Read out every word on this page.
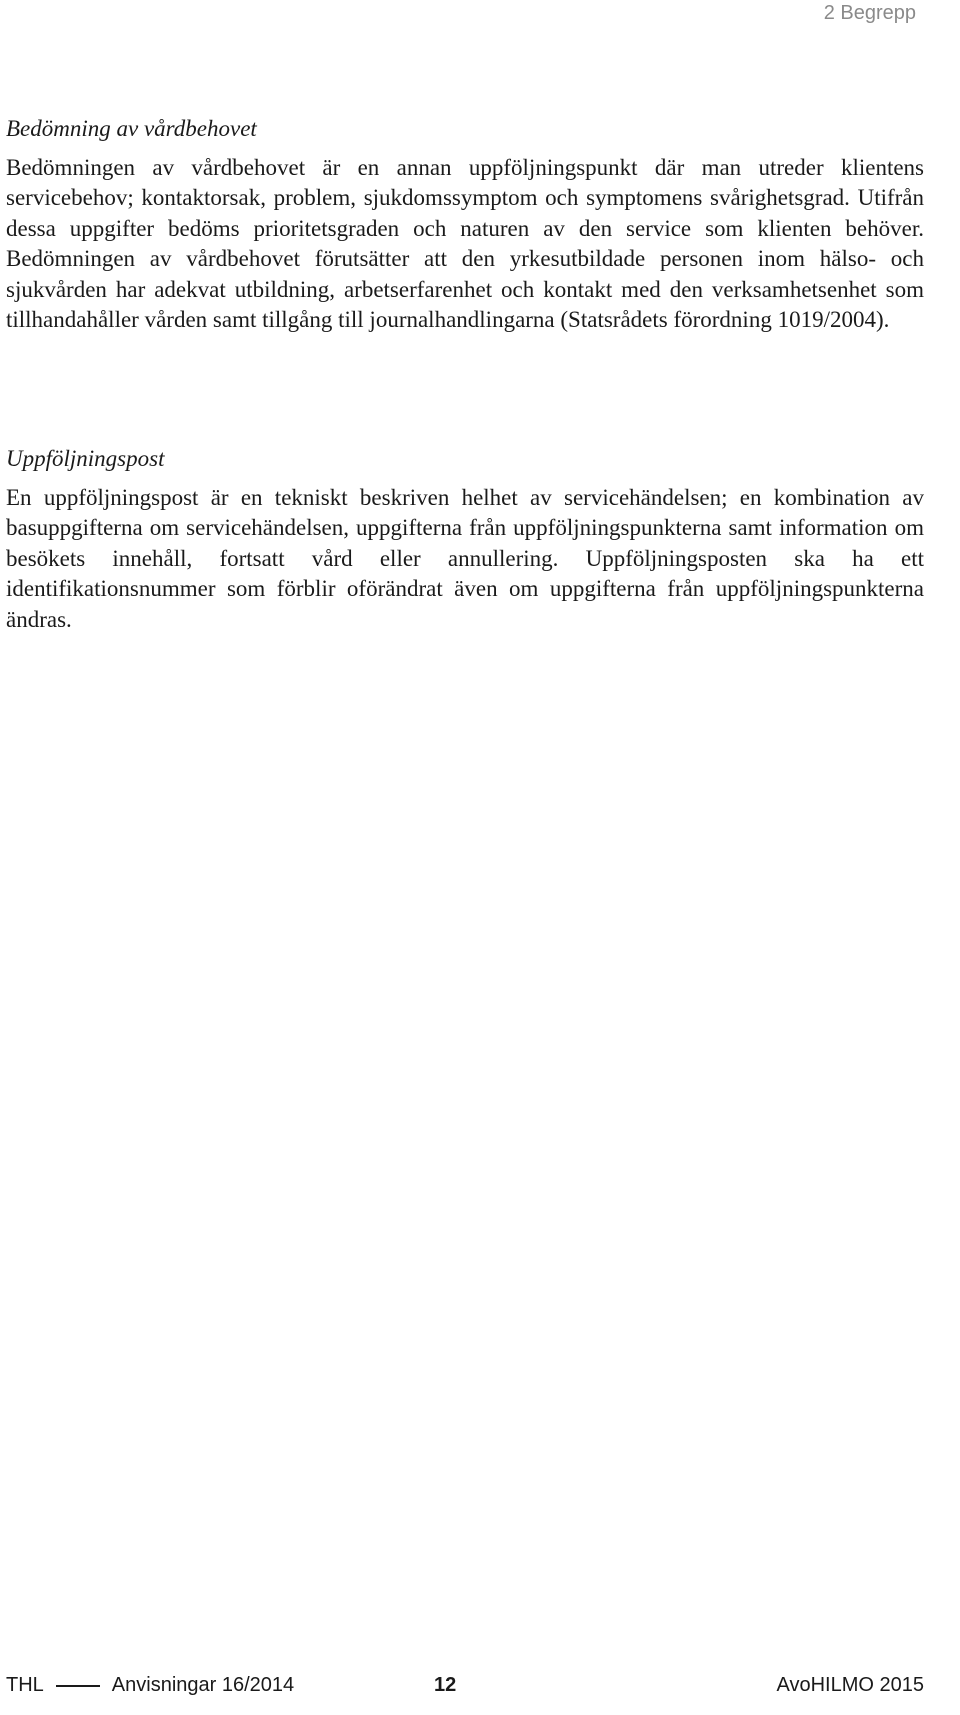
2 Begrepp
Bedömning av vårdbehovet

Bedömningen av vårdbehovet är en annan uppföljningspunkt där man utreder klientens servicebehov; kontaktorsak, problem, sjukdomssymptom och symptomens svårighetsgrad. Utifrån dessa uppgifter bedöms prioritetsgraden och naturen av den service som klienten behöver. Bedömningen av vårdbehovet förutsätter att den yrkesutbildade personen inom hälso- och sjukvården har adekvat utbildning, arbetserfarenhet och kontakt med den verksamhetsenhet som tillhandahåller vården samt tillgång till journalhandlingarna (Statsrådets förordning 1019/2004).

Uppföljningspost

En uppföljningspost är en tekniskt beskriven helhet av servicehändelsen; en kombination av basuppgifterna om servicehändelsen, uppgifterna från uppföljningspunkterna samt information om besökets innehåll, fortsatt vård eller annullering. Uppföljningsposten ska ha ett identifikationsnummer som förblir oförändrat även om uppgifterna från uppföljningspunkterna ändras.

THL	Anvisningar 16/2014	12	AvoHILMO 2015
